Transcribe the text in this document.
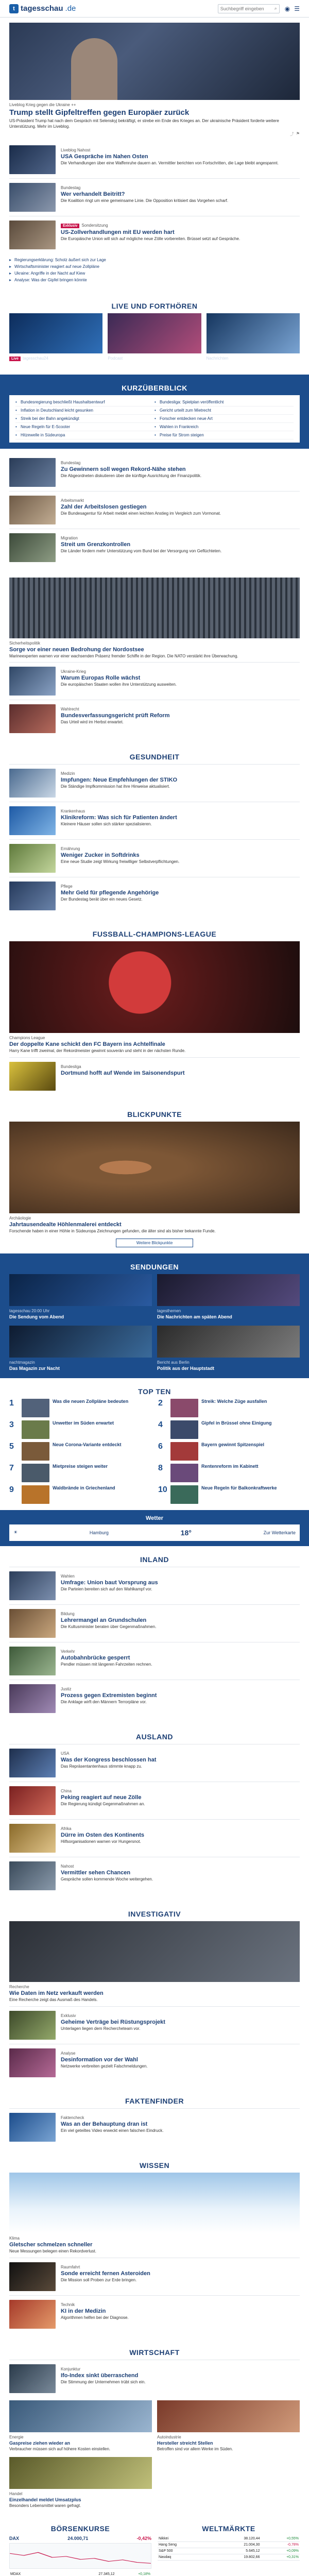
t tagesschau .de	Suchbegriff eingeben ⌕ ◉ ☰
Liveblog Krieg gegen die Ukraine ++
Trump stellt Gipfeltreffen gegen Europäer zurück
US-Präsident Trump hat nach dem Gespräch mit Selenskyj bekräftigt, er strebe ein Ende des Krieges an. Der ukrainische Präsident forderte weitere Unterstützung. Mehr im Liveblog.
⤴ ⚑
Liveblog Nahost
USA Gespräche im Nahen Osten
Die Verhandlungen über eine Waffenruhe dauern an. Vermittler berichten von Fortschritten, die Lage bleibt angespannt.
Bundestag
Wer verhandelt Beitritt?
Die Koalition ringt um eine gemeinsame Linie. Die Opposition kritisiert das Vorgehen scharf.
Exklusiv Sondersitzung
US-Zollverhandlungen mit EU werden hart
Die Europäische Union will sich auf mögliche neue Zölle vorbereiten. Brüssel setzt auf Gespräche.
▸ Regierungserklärung: Scholz äußert sich zur Lage
▸ Wirtschaftsminister reagiert auf neue Zollpläne
▸ Ukraine: Angriffe in der Nacht auf Kiew
▸ Analyse: Was der Gipfel bringen könnte
LIVE UND FORTHÖREN
Live tagesschau24
Das Programm am Morgen
Podcast
Die Nachrichten des Tages
Nachrichten
tagesschau in 100 Sekunden
KURZÜBERBLICK
• Bundesregierung beschließt Haushaltsentwurf
• Inflation in Deutschland leicht gesunken
• Streik bei der Bahn angekündigt
• Neue Regeln für E-Scooter
• Hitzewelle in Südeuropa
• Bundesliga: Spielplan veröffentlicht
• Gericht urteilt zum Mietrecht
• Forscher entdecken neue Art
• Wahlen in Frankreich
• Preise für Strom steigen
Bundestag
Zu Gewinnern soll wegen Rekord-Nähe stehen
Die Abgeordneten diskutieren über die künftige Ausrichtung der Finanzpolitik.
Arbeitsmarkt
Zahl der Arbeitslosen gestiegen
Die Bundesagentur für Arbeit meldet einen leichten Anstieg im Vergleich zum Vormonat.
Migration
Streit um Grenzkontrollen
Die Länder fordern mehr Unterstützung vom Bund bei der Versorgung von Geflüchteten.
Sicherheitspolitik
Sorge vor einer neuen Bedrohung der Nordostsee
Marineexperten warnen vor einer wachsenden Präsenz fremder Schiffe in der Region. Die NATO verstärkt ihre Überwachung.
Ukraine-Krieg
Warum Europas Rolle wächst
Die europäischen Staaten wollen ihre Unterstützung ausweiten.
Wahlrecht
Bundesverfassungsgericht prüft Reform
Das Urteil wird im Herbst erwartet.
GESUNDHEIT
Medizin
Impfungen: Neue Empfehlungen der STIKO
Die Ständige Impfkommission hat ihre Hinweise aktualisiert.
Krankenhaus
Klinikreform: Was sich für Patienten ändert
Kleinere Häuser sollen sich stärker spezialisieren.
Ernährung
Weniger Zucker in Softdrinks
Eine neue Studie zeigt Wirkung freiwilliger Selbstverpflichtungen.
Pflege
Mehr Geld für pflegende Angehörige
Der Bundestag berät über ein neues Gesetz.
FUSSBALL-CHAMPIONS-LEAGUE
Champions League
Der doppelte Kane schickt den FC Bayern ins Achtelfinale
Harry Kane trifft zweimal, der Rekordmeister gewinnt souverän und steht in der nächsten Runde.
Bundesliga
Dortmund hofft auf Wende im Saisonendspurt
BLICKPUNKTE
Archäologie
Jahrtausendealte Höhlenmalerei entdeckt
Forschende haben in einer Höhle in Südeuropa Zeichnungen gefunden, die älter sind als bisher bekannte Funde.
Weitere Blickpunkte
SENDUNGEN
tagesschau 20:00 Uhr
Die Sendung vom Abend
tagesthemen
Die Nachrichten am späten Abend
nachtmagazin
Das Magazin zur Nacht
Bericht aus Berlin
Politik aus der Hauptstadt
TOP TEN
1	Was die neuen Zollpläne bedeuten	2	Streik: Welche Züge ausfallen
3	Unwetter im Süden erwartet	4	Gipfel in Brüssel ohne Einigung
5	Neue Corona-Variante entdeckt	6	Bayern gewinnt Spitzenspiel
7	Mietpreise steigen weiter	8	Rentenreform im Kabinett
9	Waldbrände in Griechenland	10	Neue Regeln für Balkonkraftwerke
Wetter
☀	Hamburg	18°	Zur Wetterkarte
INLAND
Wahlen
Umfrage: Union baut Vorsprung aus
Die Parteien bereiten sich auf den Wahlkampf vor.
Bildung
Lehrermangel an Grundschulen
Die Kultusminister beraten über Gegenmaßnahmen.
Verkehr
Autobahnbrücke gesperrt
Pendler müssen mit längeren Fahrzeiten rechnen.
Justiz
Prozess gegen Extremisten beginnt
Die Anklage wirft den Männern Terrorpläne vor.
AUSLAND
USA
Was der Kongress beschlossen hat
Das Repräsentantenhaus stimmte knapp zu.
China
Peking reagiert auf neue Zölle
Die Regierung kündigt Gegenmaßnahmen an.
Afrika
Dürre im Osten des Kontinents
Hilfsorganisationen warnen vor Hungersnot.
Nahost
Vermittler sehen Chancen
Gespräche sollen kommende Woche weitergehen.
INVESTIGATIV
Recherche
Wie Daten im Netz verkauft werden
Eine Recherche zeigt das Ausmaß des Handels.
Exklusiv
Geheime Verträge bei Rüstungsprojekt
Unterlagen liegen dem Rechercheteam vor.
Analyse
Desinformation vor der Wahl
Netzwerke verbreiten gezielt Falschmeldungen.
FAKTENFINDER
Faktencheck
Was an der Behauptung dran ist
Ein viel geteiltes Video erweckt einen falschen Eindruck.
WISSEN
Klima
Gletscher schmelzen schneller
Neue Messungen belegen einen Rekordverlust.
Raumfahrt
Sonde erreicht fernen Asteroiden
Die Mission soll Proben zur Erde bringen.
Technik
KI in der Medizin
Algorithmen helfen bei der Diagnose.
WIRTSCHAFT
Konjunktur
Ifo-Index sinkt überraschend
Die Stimmung der Unternehmen trübt sich ein.
Energie
Gaspreise ziehen wieder an
Verbraucher müssen sich auf höhere Kosten einstellen.
Autoindustrie
Hersteller streicht Stellen
Betroffen sind vor allem Werke im Süden.
Handel
Einzelhandel meldet Umsatzplus
Besonders Lebensmittel waren gefragt.
BÖRSENKURSE
DAX	24.000,71	-0,42%
MDAX	27.345,12	+0,18%

WELTMÄRKTE
Nikkei	38.120,44	+0,55%
Hang Seng	21.004,30	-0,78%
S&P 500	5.645,12	+0,09%
Nasdaq	19.802,66	+0,31%
